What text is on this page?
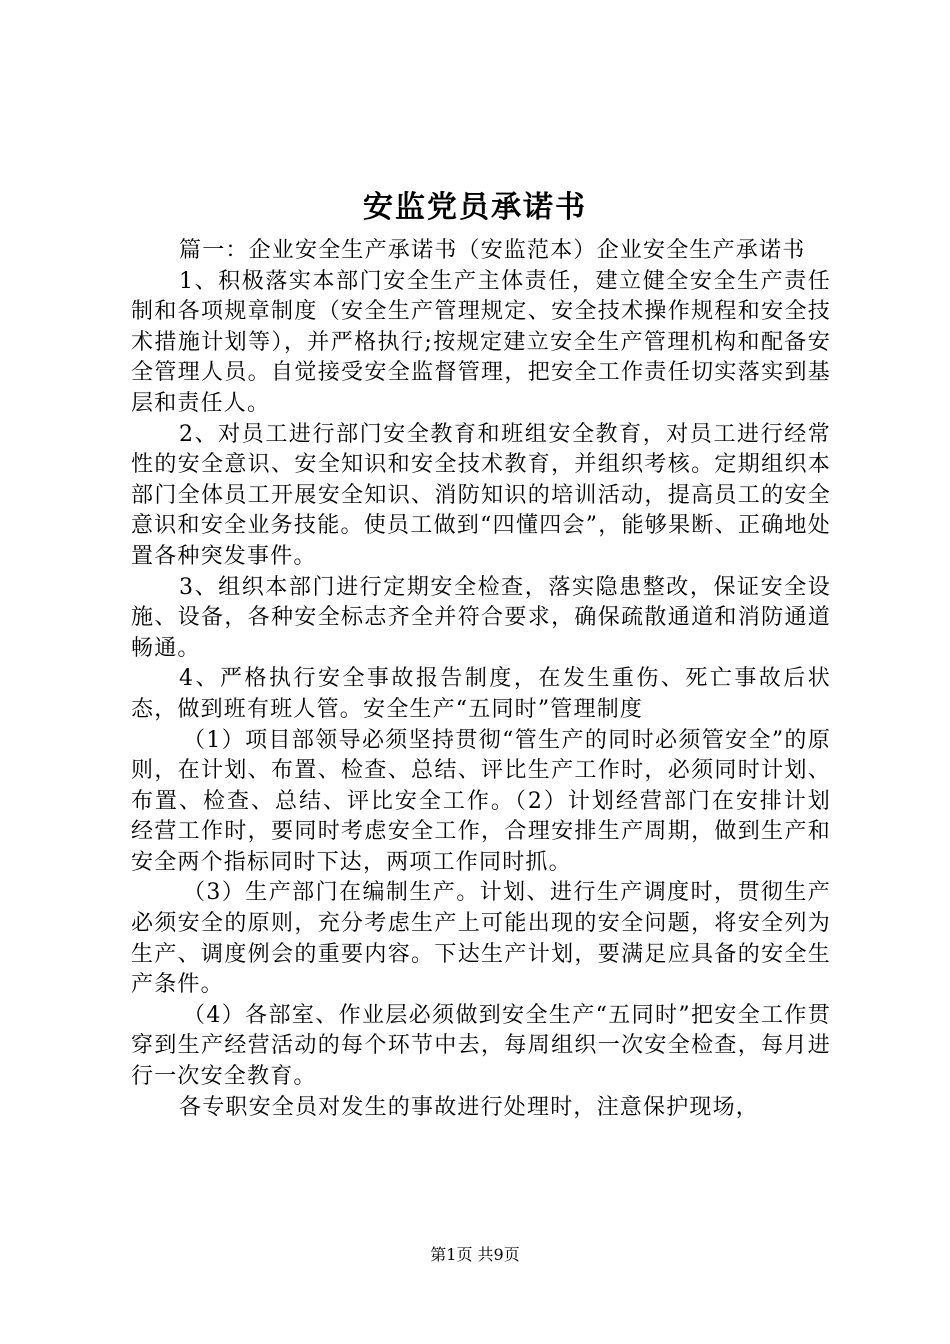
安监党员承诺书

篇一：企业安全生产承诺书（安监范本）企业安全生产承诺书

1、积极落实本部门安全生产主体责任，建立健全安全生产责任制和各项规章制度（安全生产管理规定、安全技术操作规程和安全技术措施计划等），并严格执行;按规定建立安全生产管理机构和配备安全管理人员。自觉接受安全监督管理，把安全工作责任切实落实到基层和责任人。

2、对员工进行部门安全教育和班组安全教育，对员工进行经常性的安全意识、安全知识和安全技术教育，并组织考核。定期组织本部门全体员工开展安全知识、消防知识的培训活动，提高员工的安全意识和安全业务技能。使员工做到“四懂四会”，能够果断、正确地处置各种突发事件。

3、组织本部门进行定期安全检查，落实隐患整改，保证安全设施、设备，各种安全标志齐全并符合要求，确保疏散通道和消防通道畅通。

4、严格执行安全事故报告制度，在发生重伤、死亡事故后状态，做到班有班人管。安全生产“五同时”管理制度

（1）项目部领导必须坚持贯彻“管生产的同时必须管安全”的原则，在计划、布置、检查、总结、评比生产工作时，必须同时计划、布置、检查、总结、评比安全工作。（2）计划经营部门在安排计划经营工作时，要同时考虑安全工作，合理安排生产周期，做到生产和安全两个指标同时下达，两项工作同时抓。

（3）生产部门在编制生产。计划、进行生产调度时，贯彻生产必须安全的原则，充分考虑生产上可能出现的安全问题，将安全列为生产、调度例会的重要内容。下达生产计划，要满足应具备的安全生产条件。

（4）各部室、作业层必须做到安全生产“五同时”把安全工作贯穿到生产经营活动的每个环节中去，每周组织一次安全检查，每月进行一次安全教育。

各专职安全员对发生的事故进行处理时，注意保护现场，

第1页 共9页
